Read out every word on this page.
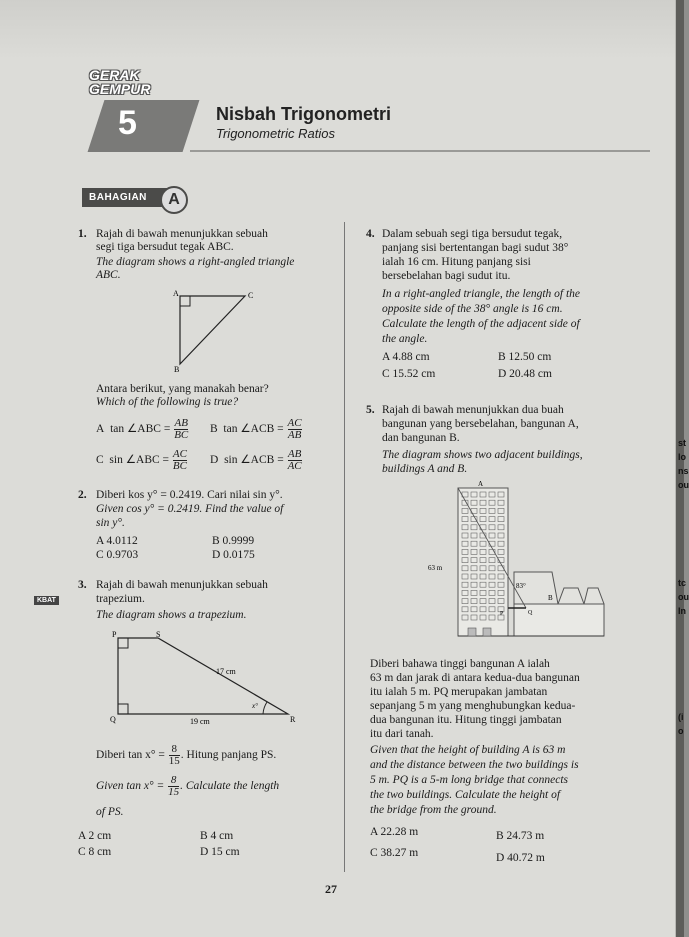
GERAK
GEMPUR
5	Nisbah Trigonometri
Trigonometric Ratios
BAHAGIAN	A
1. Rajah di bawah menunjukkan sebuah
segi tiga bersudut tegak ABC.
The diagram shows a right-angled triangle
ABC.
A
B
C
Antara berikut, yang manakah benar?
Which of the following is true?
A tan ∠ABC = $\frac{AB}{BC}$ B tan ∠ACB = $\frac{AC}{AB}$
C sin ∠ABC = $\frac{AC}{BC}$ D sin ∠ACB = $\frac{AB}{AC}$
2. Diberi kos y° = 0.2419. Cari nilai sin y°.
Given cos y° = 0.2419. Find the value of
sin y°.
A 4.0112	B 0.9999
C 0.9703	D 0.0175
3.
KBAT
Rajah di bawah menunjukkan sebuah
trapezium.
The diagram shows a trapezium.
P	S
Q	R
17 cm
19 cm
x°
Diberi $\tan x^\circ = \frac{8}{15}$ . Hitung panjang PS.
Given $\tan x^\circ = \frac{8}{15}$ . Calculate the length
of PS.
A 2 cm	B 4 cm
C 8 cm	D 15 cm
4. Dalam sebuah segi tiga bersudut tegak,
panjang sisi bertentangan bagi sudut 38°
ialah 16 cm. Hitung panjang sisi
bersebelahan bagi sudut itu.
In a right-angled triangle, the length of the
opposite side of the 38° angle is 16 cm.
Calculate the length of the adjacent side of
the angle.
A 4.88 cm	B 12.50 cm
C 15.52 cm	D 20.48 cm
5. Rajah di bawah menunjukkan dua buah
bangunan yang bersebelahan, bangunan A,
dan bangunan B.
The diagram shows two adjacent buildings,
buildings A and B.
A
B
P	Q
63 m
83°
Diberi bahawa tinggi bangunan A ialah
63 m dan jarak di antara kedua-dua bangunan
itu ialah 5 m. PQ merupakan jambatan
sepanjang 5 m yang menghubungkan kedua-
dua bangunan itu. Hitung tinggi jambatan
itu dari tanah.
Given that the height of building A is 63 m
and the distance between the two buildings is
5 m. PQ is a 5-m long bridge that connects
the two buildings. Calculate the height of
the bridge from the ground.
A 22.28 m	B 24.73 m
C 38.27 m	D 40.72 m
27
st
lo
ns
ou
tc
ou
In
(i
o
